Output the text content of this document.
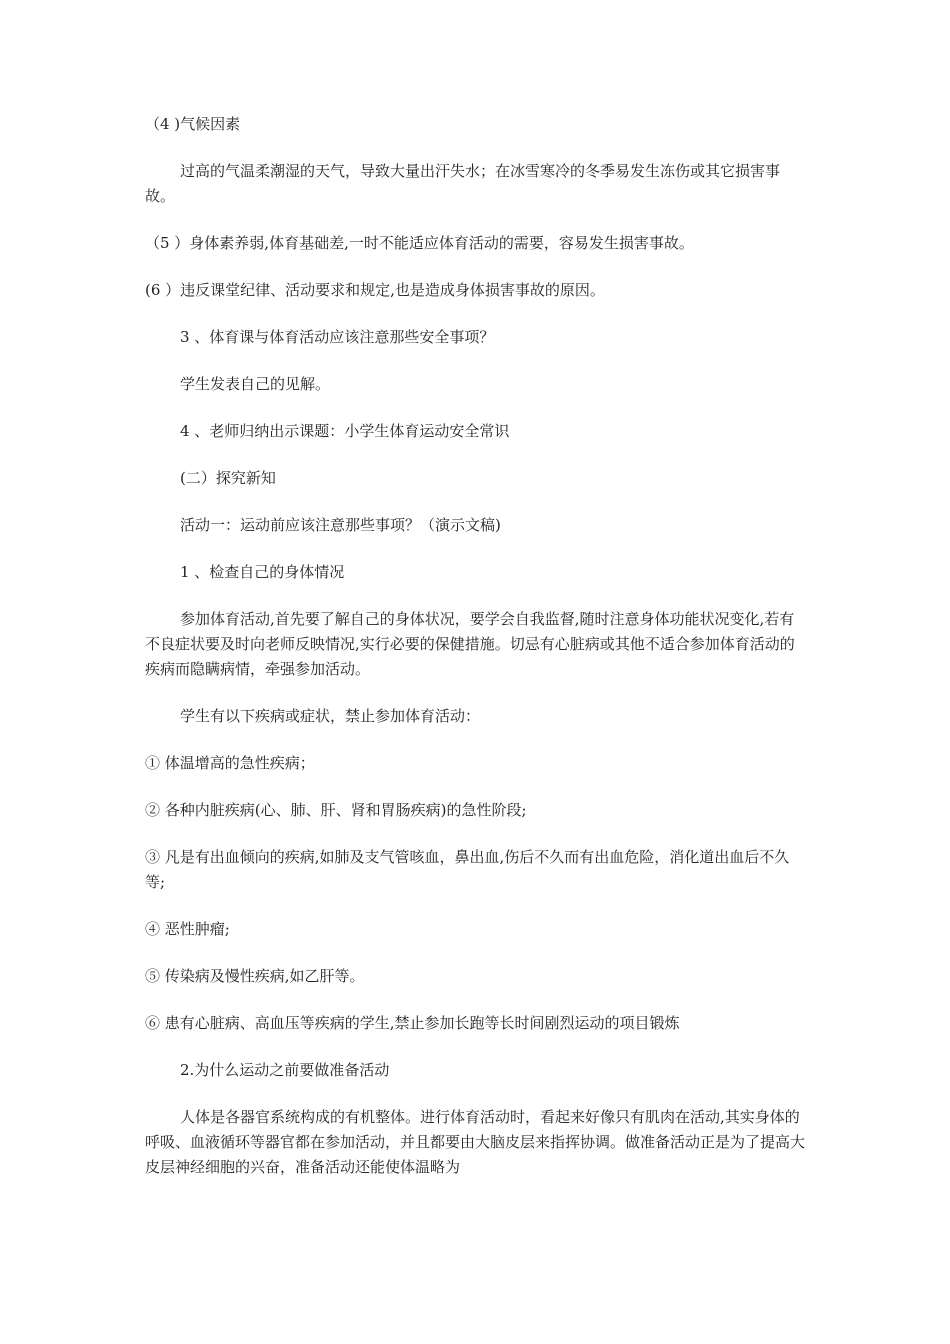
（4 )气候因素

过高的气温柔潮湿的天气，导致大量出汗失水；在冰雪寒冷的冬季易发生冻伤或其它损害事故。

（5 ）身体素养弱,体育基础差,一时不能适应体育活动的需要，容易发生损害事故。

(6 ）违反课堂纪律、活动要求和规定,也是造成身体损害事故的原因。

3 、体育课与体育活动应该注意那些安全事项？

学生发表自己的见解。

4 、老师归纳出示课题：小学生体育运动安全常识

(二）探究新知

活动一：运动前应该注意那些事项？（演示文稿)

1 、检查自己的身体情况

参加体育活动,首先要了解自己的身体状况，要学会自我监督,随时注意身体功能状况变化,若有不良症状要及时向老师反映情况,实行必要的保健措施。切忌有心脏病或其他不适合参加体育活动的疾病而隐瞒病情，牵强参加活动。

学生有以下疾病或症状，禁止参加体育活动：

① 体温增高的急性疾病；

② 各种内脏疾病(心、肺、肝、肾和胃肠疾病)的急性阶段;

③ 凡是有出血倾向的疾病,如肺及支气管咳血，鼻出血,伤后不久而有出血危险，消化道出血后不久等;

④ 恶性肿瘤;

⑤ 传染病及慢性疾病,如乙肝等。

⑥ 患有心脏病、高血压等疾病的学生,禁止参加长跑等长时间剧烈运动的项目锻炼

2.为什么运动之前要做准备活动

人体是各器官系统构成的有机整体。进行体育活动时，看起来好像只有肌肉在活动,其实身体的呼吸、血液循环等器官都在参加活动，并且都要由大脑皮层来指挥协调。做准备活动正是为了提高大皮层神经细胞的兴奋，准备活动还能使体温略为
